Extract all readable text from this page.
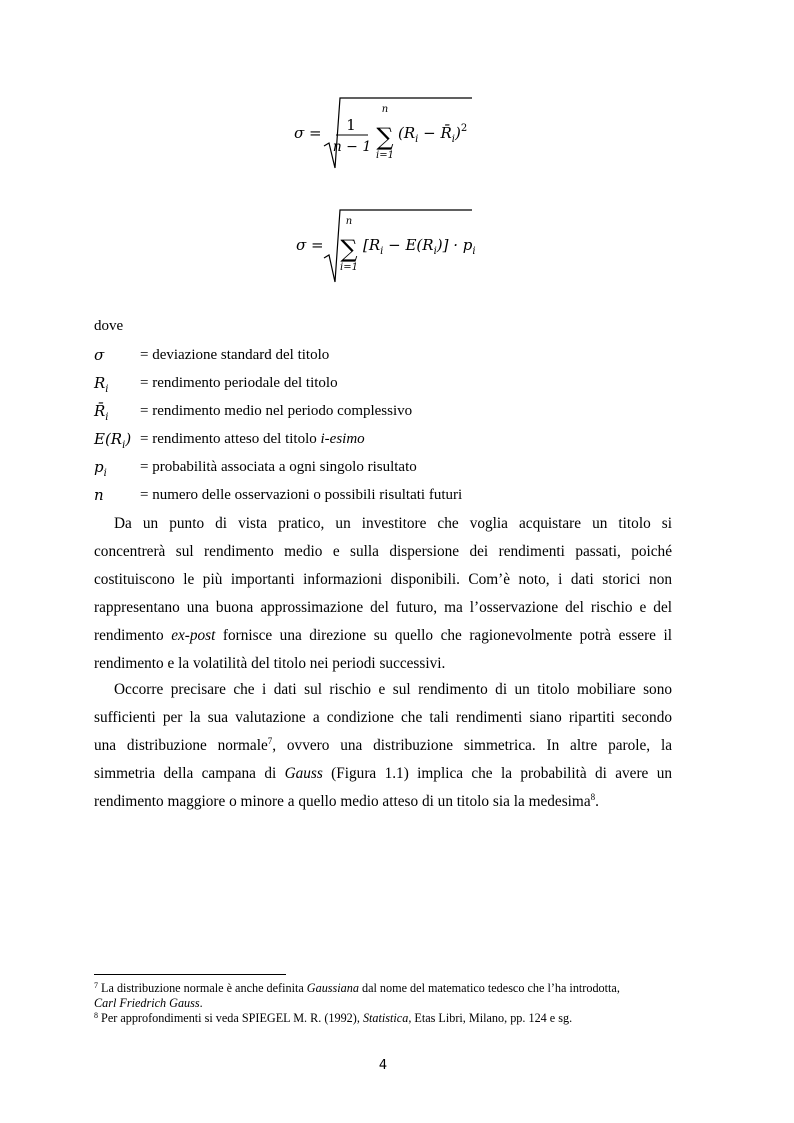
σ = 1
n − 1
n
∑
i=1
($R_i$ − $R̄_i)^2$
σ =
n
∑
i=1
$[R_i - E(R_i)] \cdot p_i$
dove
σ = deviazione standard del titolo
$R_i$ = rendimento periodale del titolo
$R̄_i$ = rendimento medio nel periodo complessivo
$E(R_i)$ = rendimento atteso del titolo i-esimo
$p_i$ = probabilità associata a ogni singolo risultato
n = numero delle osservazioni o possibili risultati futuri
Da un punto di vista pratico, un investitore che voglia acquistare un titolo si
concentrerà sul rendimento medio e sulla dispersione dei rendimenti passati, poiché
costituiscono le più importanti informazioni disponibili. Com’è noto, i dati storici non
rappresentano una buona approssimazione del futuro, ma l’osservazione del rischio e del
rendimento ex-post fornisce una direzione su quello che ragionevolmente potrà essere il
rendimento e la volatilità del titolo nei periodi successivi.
Occorre precisare che i dati sul rischio e sul rendimento di un titolo mobiliare sono
sufficienti per la sua valutazione a condizione che tali rendimenti siano ripartiti secondo
una distribuzione normale$^7$, ovvero una distribuzione simmetrica. In altre parole, la
simmetria della campana di Gauss (Figura 1.1) implica che la probabilità di avere un
rendimento maggiore o minore a quello medio atteso di un titolo sia la medesima$^8$.
$^7$ La distribuzione normale è anche definita Gaussiana dal nome del matematico tedesco che l’ha introdotta,
Carl Friedrich Gauss.
$^8$ Per approfondimenti si veda SPIEGEL M. R. (1992), Statistica, Etas Libri, Milano, pp. 124 e sg.
4
